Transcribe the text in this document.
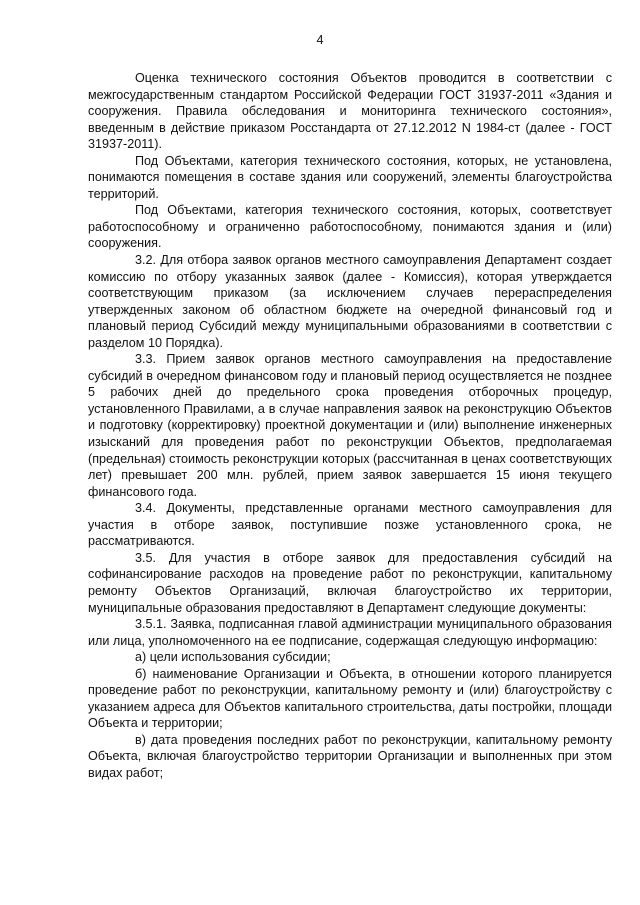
4

Оценка технического состояния Объектов проводится в соответствии с межгосударственным стандартом Российской Федерации ГОСТ 31937-2011 «Здания и сооружения. Правила обследования и мониторинга технического состояния», введенным в действие приказом Росстандарта от 27.12.2012 N 1984-ст (далее - ГОСТ 31937-2011).

Под Объектами, категория технического состояния, которых, не установлена, понимаются помещения в составе здания или сооружений, элементы благоустройства территорий.

Под Объектами, категория технического состояния, которых, соответствует работоспособному и ограниченно работоспособному, понимаются здания и (или) сооружения.

3.2. Для отбора заявок органов местного самоуправления Департамент создает комиссию по отбору указанных заявок (далее - Комиссия), которая утверждается соответствующим приказом (за исключением случаев перераспределения утвержденных законом об областном бюджете на очередной финансовый год и плановый период Субсидий между муниципальными образованиями в соответствии с разделом 10 Порядка).

3.3. Прием заявок органов местного самоуправления на предоставление субсидий в очередном финансовом году и плановый период осуществляется не позднее 5 рабочих дней до предельного срока проведения отборочных процедур, установленного Правилами, а в случае направления заявок на реконструкцию Объектов и подготовку (корректировку) проектной документации и (или) выполнение инженерных изысканий для проведения работ по реконструкции Объектов, предполагаемая (предельная) стоимость реконструкции которых (рассчитанная в ценах соответствующих лет) превышает 200 млн. рублей, прием заявок завершается 15 июня текущего финансового года.

3.4. Документы, представленные органами местного самоуправления для участия в отборе заявок, поступившие позже установленного срока, не рассматриваются.

3.5. Для участия в отборе заявок для предоставления субсидий на софинансирование расходов на проведение работ по реконструкции, капитальному ремонту Объектов Организаций, включая благоустройство их территории, муниципальные образования предоставляют в Департамент следующие документы:

3.5.1. Заявка, подписанная главой администрации муниципального образования или лица, уполномоченного на ее подписание, содержащая следующую информацию:

а) цели использования субсидии;

б) наименование Организации и Объекта, в отношении которого планируется проведение работ по реконструкции, капитальному ремонту и (или) благоустройству с указанием адреса для Объектов капитального строительства, даты постройки, площади Объекта и территории;

в) дата проведения последних работ по реконструкции, капитальному ремонту Объекта, включая благоустройство территории Организации и выполненных при этом видах работ;
